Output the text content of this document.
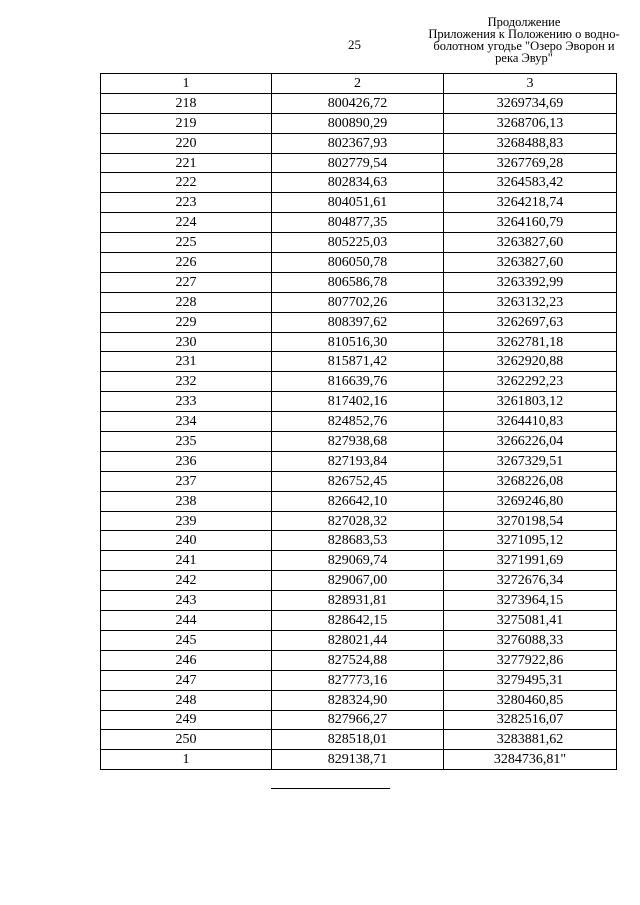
25
Продолжение
Приложения к Положению о водно-
болотном угодье "Озеро Эворон и
река Эвур"
1	2	3
218	800426,72	3269734,69
219	800890,29	3268706,13
220	802367,93	3268488,83
221	802779,54	3267769,28
222	802834,63	3264583,42
223	804051,61	3264218,74
224	804877,35	3264160,79
225	805225,03	3263827,60
226	806050,78	3263827,60
227	806586,78	3263392,99
228	807702,26	3263132,23
229	808397,62	3262697,63
230	810516,30	3262781,18
231	815871,42	3262920,88
232	816639,76	3262292,23
233	817402,16	3261803,12
234	824852,76	3264410,83
235	827938,68	3266226,04
236	827193,84	3267329,51
237	826752,45	3268226,08
238	826642,10	3269246,80
239	827028,32	3270198,54
240	828683,53	3271095,12
241	829069,74	3271991,69
242	829067,00	3272676,34
243	828931,81	3273964,15
244	828642,15	3275081,41
245	828021,44	3276088,33
246	827524,88	3277922,86
247	827773,16	3279495,31
248	828324,90	3280460,85
249	827966,27	3282516,07
250	828518,01	3283881,62
1	829138,71	3284736,81"
